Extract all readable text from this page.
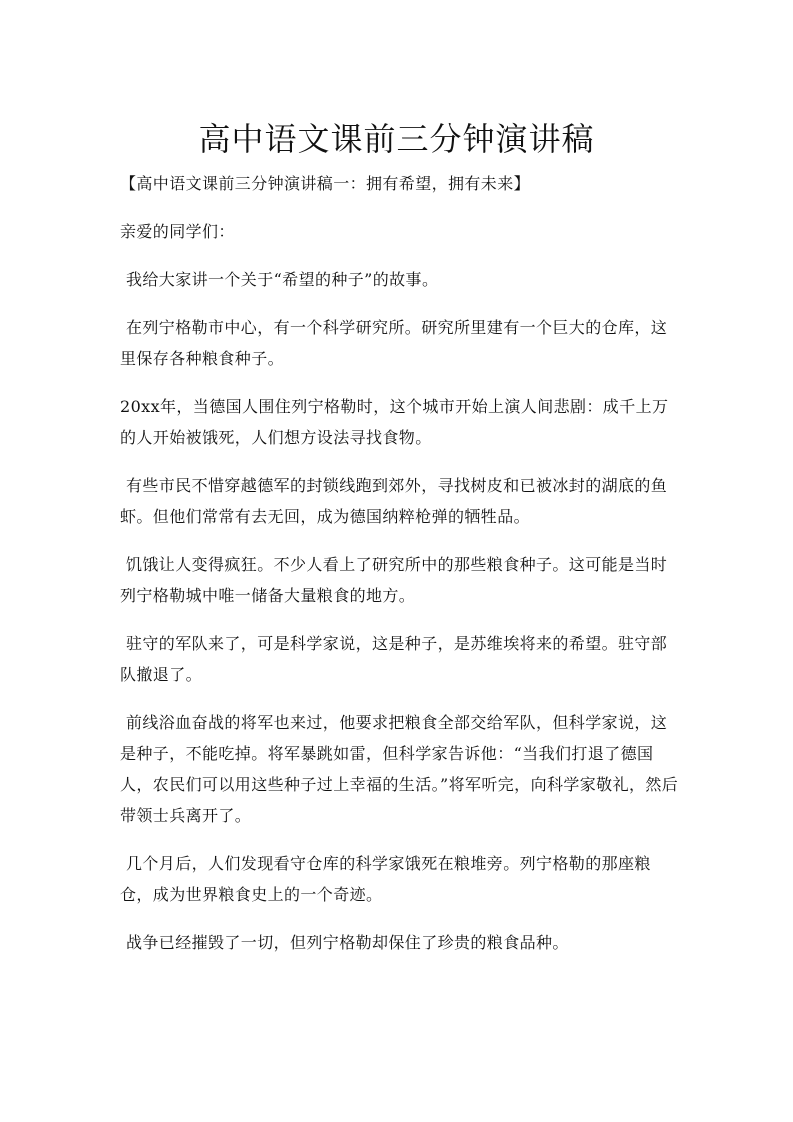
高中语文课前三分钟演讲稿

【高中语文课前三分钟演讲稿一：拥有希望，拥有未来】

亲爱的同学们：

我给大家讲一个关于“希望的种子”的故事。

在列宁格勒市中心，有一个科学研究所。研究所里建有一个巨大的仓库，这里保存各种粮食种子。

20xx年，当德国人围住列宁格勒时，这个城市开始上演人间悲剧：成千上万的人开始被饿死，人们想方设法寻找食物。

有些市民不惜穿越德军的封锁线跑到郊外，寻找树皮和已被冰封的湖底的鱼虾。但他们常常有去无回，成为德国纳粹枪弹的牺牲品。

饥饿让人变得疯狂。不少人看上了研究所中的那些粮食种子。这可能是当时列宁格勒城中唯一储备大量粮食的地方。

驻守的军队来了，可是科学家说，这是种子，是苏维埃将来的希望。驻守部队撤退了。

前线浴血奋战的将军也来过，他要求把粮食全部交给军队，但科学家说，这是种子，不能吃掉。将军暴跳如雷，但科学家告诉他：“当我们打退了德国人，农民们可以用这些种子过上幸福的生活。”将军听完，向科学家敬礼，然后带领士兵离开了。

几个月后，人们发现看守仓库的科学家饿死在粮堆旁。列宁格勒的那座粮仓，成为世界粮食史上的一个奇迹。

战争已经摧毁了一切，但列宁格勒却保住了珍贵的粮食品种。
